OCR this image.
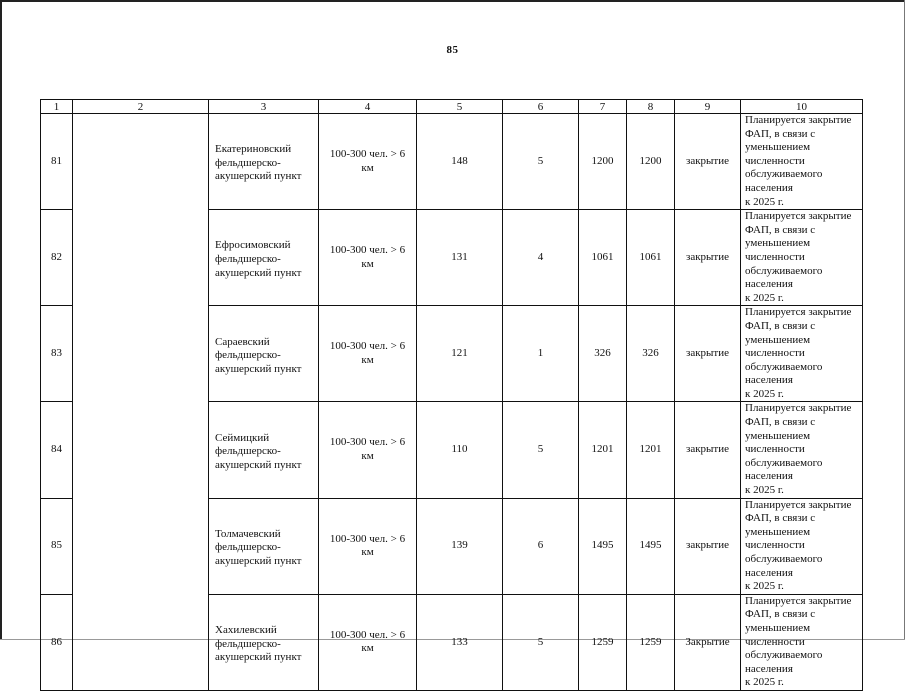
85
1	2	3	4	5	6	7	8	9	10
81		Екатериновский
фельдшерско-
акушерский пункт	100-300 чел. > 6
км	148	5	1200	1200	закрытие	Планируется закрытие
ФАП, в связи с
уменьшением численности
обслуживаемого населения
к 2025 г.

82		Ефросимовский
фельдшерско-
акушерский пункт	100-300 чел. > 6
км	131	4	1061	1061	закрытие	Планируется закрытие
ФАП, в связи с
уменьшением численности
обслуживаемого населения
к 2025 г.

83		Сараевский
фельдшерско-
акушерский пункт	100-300 чел. > 6
км	121	1	326	326	закрытие	Планируется закрытие
ФАП, в связи с
уменьшением численности
обслуживаемого населения
к 2025 г.

84		Сеймицкий
фельдшерско-
акушерский пункт	100-300 чел. > 6
км	110	5	1201	1201	закрытие	Планируется закрытие
ФАП, в связи с
уменьшением численности
обслуживаемого населения
к 2025 г.

85		Толмачевский
фельдшерско-
акушерский пункт	100-300 чел. > 6
км	139	6	1495	1495	закрытие	Планируется закрытие
ФАП, в связи с
уменьшением численности
обслуживаемого населения
к 2025 г.

86		Хахилевский
фельдшерско-
акушерский пункт	100-300 чел. > 6
км	133	5	1259	1259	Закрытие	Планируется закрытие
ФАП, в связи с
уменьшением численности
обслуживаемого населения
к 2025 г.
